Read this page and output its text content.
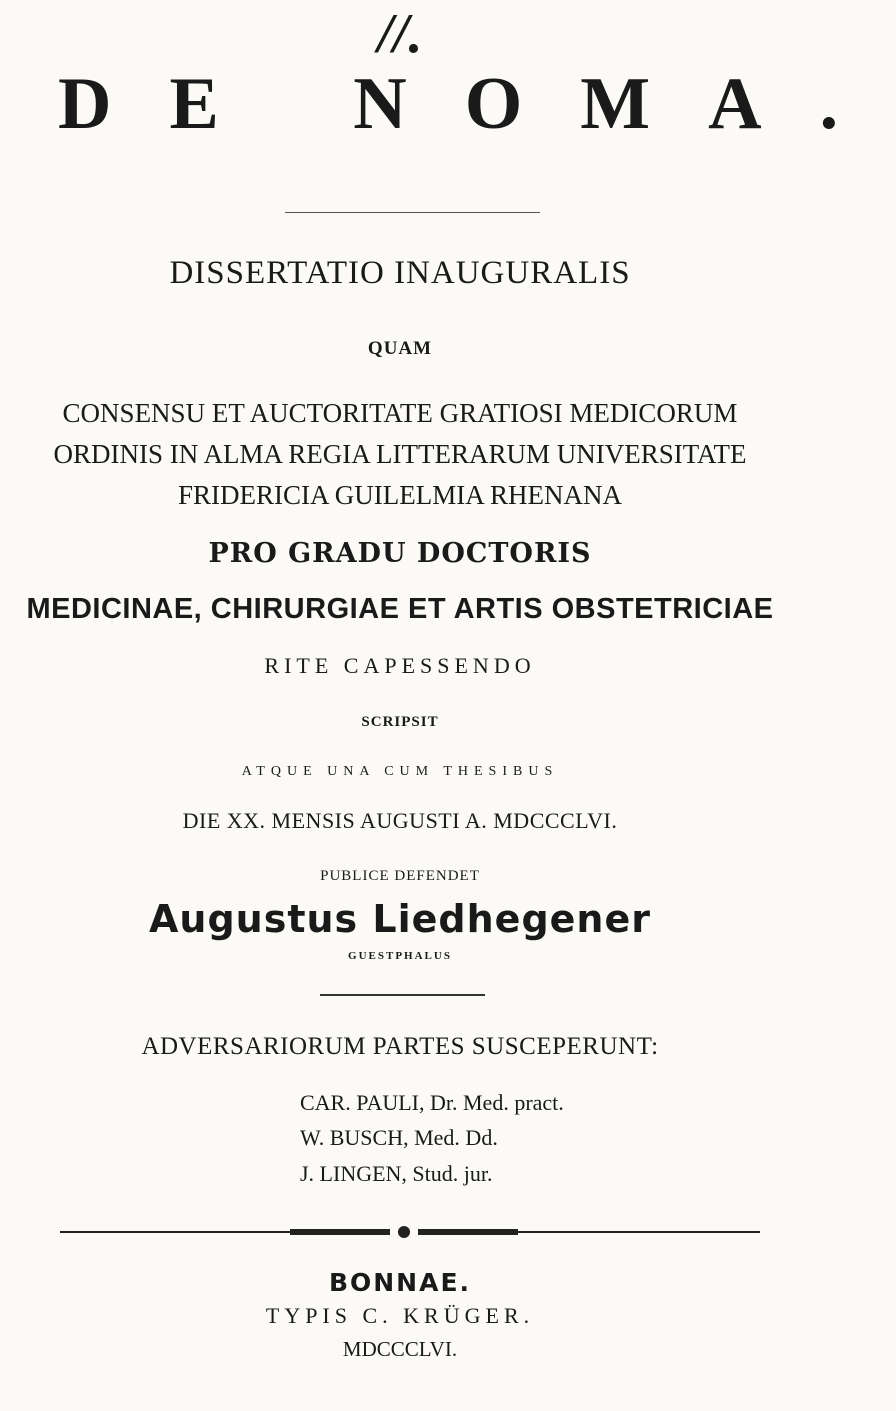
//.
DE NOMA.
DISSERTATIO INAUGURALIS
QUAM
CONSENSU ET AUCTORITATE GRATIOSI MEDICORUM
ORDINIS IN ALMA REGIA LITTERARUM UNIVERSITATE
FRIDERICIA GUILELMIA RHENANA
PRO GRADU DOCTORIS
MEDICINAE, CHIRURGIAE ET ARTIS OBSTETRICIAE
RITE CAPESSENDO
SCRIPSIT
ATQUE UNA CUM THESIBUS
DIE XX. MENSIS AUGUSTI A. MDCCCLVI.
PUBLICE DEFENDET
Augustus Liedhegener
GUESTPHALUS
ADVERSARIORUM PARTES SUSCEPERUNT:
CAR. PAULI, Dr. Med. pract.
W. BUSCH, Med. Dd.
J. LINGEN, Stud. jur.
BONNAE.
TYPIS C. KRÜGER.
MDCCCLVI.
